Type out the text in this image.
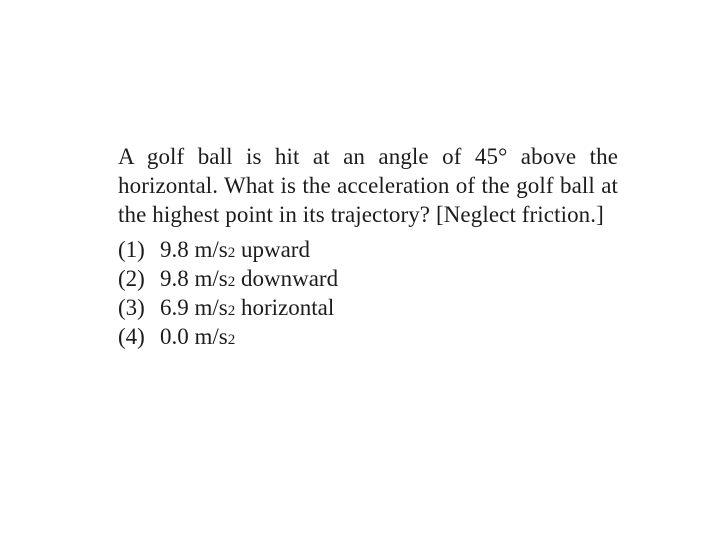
A golf ball is hit at an angle of 45° above the horizontal. What is the acceleration of the golf ball at the highest point in its trajectory? [Neglect friction.]

(1) 9.8 m/s 2 upward
(2) 9.8 m/s 2 downward
(3) 6.9 m/s 2 horizontal
(4) 0.0 m/s 2
